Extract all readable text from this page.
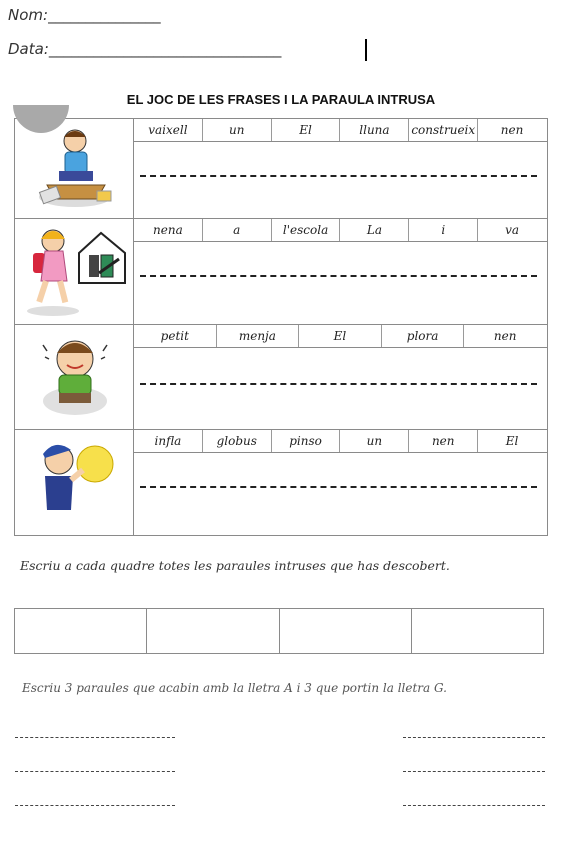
Nom:_______________
Data:_______________________________
EL JOC DE LES FRASES I LA PARAULA INTRUSA
vaixell	un	El	lluna	construeix	nen
nena	a	l'escola	La	i	va
petit	menja	El	plora	nen
infla	globus	pinso	un	nen	El
Escriu a cada quadre totes les paraules intruses que has descobert.
Escriu 3 paraules que acabin amb la lletra A i 3 que portin la lletra G.
